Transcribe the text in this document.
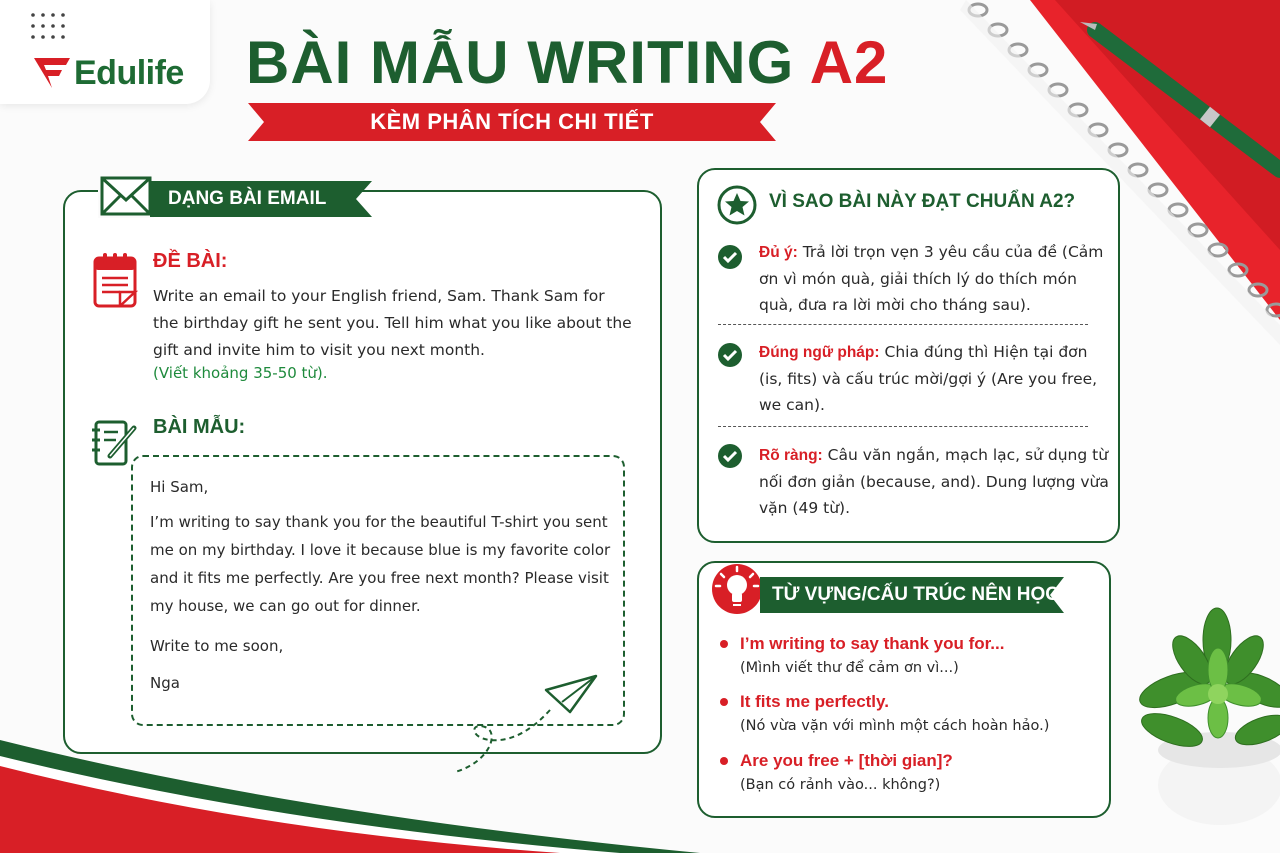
Edulife BÀI MẪU WRITING A2
KÈM PHÂN TÍCH CHI TIẾT
DẠNG BÀI EMAIL
ĐỀ BÀI:
Write an email to your English friend, Sam. Thank Sam for the birthday gift he sent you. Tell him what you like about the gift and invite him to visit you next month.
(Viết khoảng 35-50 từ).
BÀI MẪU:
Hi Sam,
I’m writing to say thank you for the beautiful T-shirt you sent me on my birthday. I love it because blue is my favorite color and it fits me perfectly. Are you free next month? Please visit my house, we can go out for dinner.
Write to me soon,
Nga
VÌ SAO BÀI NÀY ĐẠT CHUẨN A2?
Đủ ý: Trả lời trọn vẹn 3 yêu cầu của đề (Cảm ơn vì món quà, giải thích lý do thích món quà, đưa ra lời mời cho tháng sau).
Đúng ngữ pháp: Chia đúng thì Hiện tại đơn (is, fits) và cấu trúc mời/gợi ý (Are you free, we can).
Rõ ràng: Câu văn ngắn, mạch lạc, sử dụng từ nối đơn giản (because, and). Dung lượng vừa vặn (49 từ).
TỪ VỰNG/CẤU TRÚC NÊN HỌC:
I’m writing to say thank you for...
(Mình viết thư để cảm ơn vì...)
It fits me perfectly.
(Nó vừa vặn với mình một cách hoàn hảo.)
Are you free + [thời gian]?
(Bạn có rảnh vào... không?)
